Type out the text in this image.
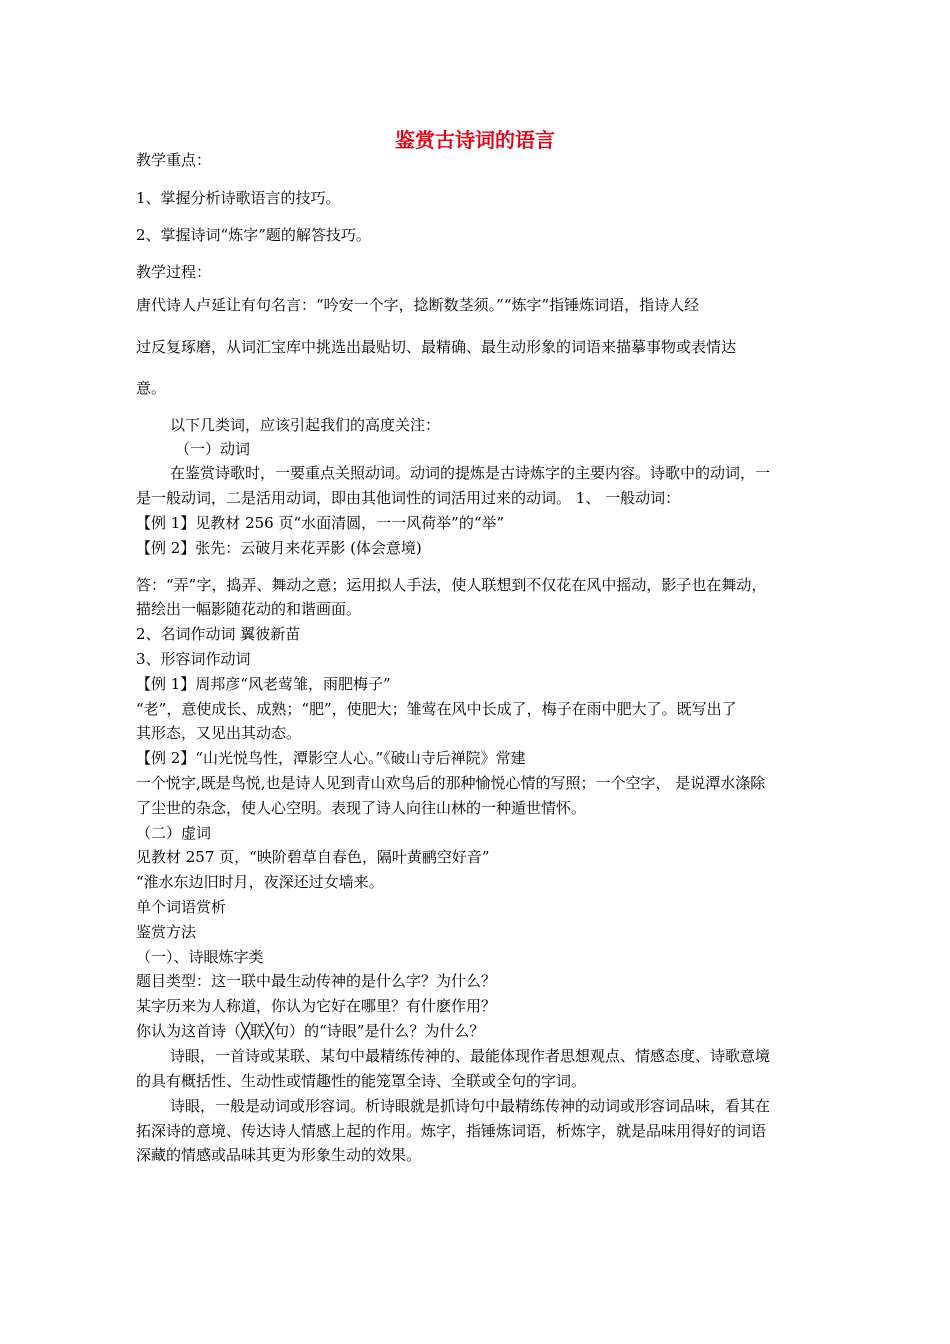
鉴赏古诗词的语言
教学重点：
1、掌握分析诗歌语言的技巧。
2、掌握诗词“炼字”题的解答技巧。
教学过程：
唐代诗人卢延让有句名言：“吟安一个字，捻断数茎须。”“炼字”指锤炼词语，指诗人经
过反复琢磨，从词汇宝库中挑选出最贴切、最精确、最生动形象的词语来描摹事物或表情达
意。
以下几类词，应该引起我们的高度关注：
（一）动词
在鉴赏诗歌时，一要重点关照动词。动词的提炼是古诗炼字的主要内容。诗歌中的动词，一
是一般动词，二是活用动词，即由其他词性的词活用过来的动词。 1、 一般动词：
【例 1】见教材 256 页“水面清圆，一一风荷举”的“举”
【例 2】张先：云破月来花弄影 (体会意境)
答：“弄”字，捣弄、舞动之意；运用拟人手法，使人联想到不仅花在风中摇动，影子也在舞动，
描绘出一幅影随花动的和谐画面。
2、名词作动词 翼彼新苗
3、形容词作动词
【例 1】周邦彦“风老莺雏，雨肥梅子”
“老”，意使成长、成熟；“肥”，使肥大；雏莺在风中长成了，梅子在雨中肥大了。既写出了
其形态，又见出其动态。
【例 2】“山光悦鸟性，潭影空人心。”《破山寺后禅院》常建
一个悦字,既是鸟悦,也是诗人见到青山欢鸟后的那种愉悦心情的写照；一个空字， 是说潭水涤除
了尘世的杂念，使人心空明。表现了诗人向往山林的一种遁世情怀。
（二）虚词
见教材 257 页，“映阶碧草自春色，隔叶黄鹂空好音”
“淮水东边旧时月，夜深还过女墙来。
单个词语赏析
鉴赏方法
（一）、诗眼炼字类
题目类型：这一联中最生动传神的是什么字？为什么？
某字历来为人称道，你认为它好在哪里？有什麽作用？
你认为这首诗（╳联╳句）的“诗眼”是什么？为什么？
诗眼，一首诗或某联、某句中最精练传神的、最能体现作者思想观点、情感态度、诗歌意境
的具有概括性、生动性或情趣性的能笼罩全诗、全联或全句的字词。
诗眼，一般是动词或形容词。析诗眼就是抓诗句中最精练传神的动词或形容词品味，看其在
拓深诗的意境、传达诗人情感上起的作用。炼字，指锤炼词语，析炼字，就是品味用得好的词语
深藏的情感或品味其更为形象生动的效果。
